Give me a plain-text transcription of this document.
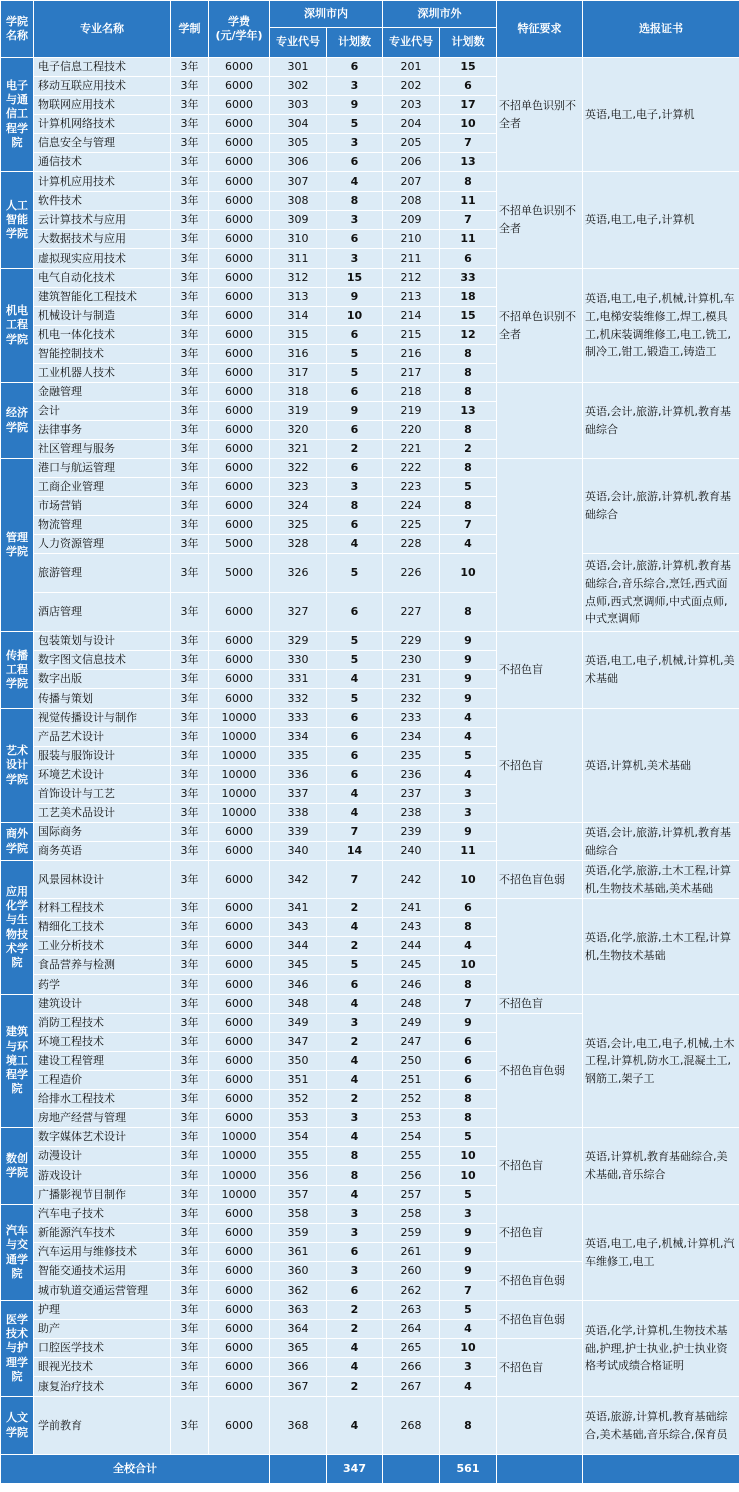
学院名称	专业名称	学制	学费
(元/学年)	深圳市内		深圳市外		特征要求	选报证书
				专业代号	计划数	专业代号	计划数		
电子与通信工程学院	电子信息工程技术	3年	6000	301	6	201	15	不招单色识别不全者	英语,电工,电子,计算机
	移动互联应用技术	3年	6000	302	3	202	6		
	物联网应用技术	3年	6000	303	9	203	17		
	计算机网络技术	3年	6000	304	5	204	10		
	信息安全与管理	3年	6000	305	3	205	7		
	通信技术	3年	6000	306	6	206	13		
人工智能学院	计算机应用技术	3年	6000	307	4	207	8	不招单色识别不全者	英语,电工,电子,计算机
	软件技术	3年	6000	308	8	208	11		
	云计算技术与应用	3年	6000	309	3	209	7		
	大数据技术与应用	3年	6000	310	6	210	11		
	虚拟现实应用技术	3年	6000	311	3	211	6		
机电工程学院	电气自动化技术	3年	6000	312	15	212	33	不招单色识别不全者	英语,电工,电子,机械,计算机,车工,电梯安装维修工,焊工,模具工,机床装调维修工,电工,铣工,制冷工,钳工,锻造工,铸造工
	建筑智能化工程技术	3年	6000	313	9	213	18		
	机械设计与制造	3年	6000	314	10	214	15		
	机电一体化技术	3年	6000	315	6	215	12		
	智能控制技术	3年	6000	316	5	216	8		
	工业机器人技术	3年	6000	317	5	217	8		
经济学院	金融管理	3年	6000	318	6	218	8		英语,会计,旅游,计算机,教育基础综合
	会计	3年	6000	319	9	219	13		
	法律事务	3年	6000	320	6	220	8		
	社区管理与服务	3年	6000	321	2	221	2		
管理学院	港口与航运管理	3年	6000	322	6	222	8		英语,会计,旅游,计算机,教育基础综合
	工商企业管理	3年	6000	323	3	223	5		
	市场营销	3年	6000	324	8	224	8		
	物流管理	3年	6000	325	6	225	7		
	人力资源管理	3年	5000	328	4	228	4		
	旅游管理	3年	5000	326	5	226	10		英语,会计,旅游,计算机,教育基础综合,音乐综合,烹饪,西式面点师,西式烹调师,中式面点师,中式烹调师
	酒店管理	3年	6000	327	6	227	8		
传播工程学院	包装策划与设计	3年	6000	329	5	229	9	不招色盲	英语,电工,电子,机械,计算机,美术基础
	数字图文信息技术	3年	6000	330	5	230	9		
	数字出版	3年	6000	331	4	231	9		
	传播与策划	3年	6000	332	5	232	9		
艺术设计学院	视觉传播设计与制作	3年	10000	333	6	233	4	不招色盲	英语,计算机,美术基础
	产品艺术设计	3年	10000	334	6	234	4		
	服装与服饰设计	3年	10000	335	6	235	5		
	环境艺术设计	3年	10000	336	6	236	4		
	首饰设计与工艺	3年	10000	337	4	237	3		
	工艺美术品设计	3年	10000	338	4	238	3		
商外学院	国际商务	3年	6000	339	7	239	9		英语,会计,旅游,计算机,教育基础综合
	商务英语	3年	6000	340	14	240	11		
应用化学与生物技术学院	风景园林设计	3年	6000	342	7	242	10	不招色盲色弱	英语,化学,旅游,土木工程,计算机,生物技术基础,美术基础
	材料工程技术	3年	6000	341	2	241	6		英语,化学,旅游,土木工程,计算机,生物技术基础
	精细化工技术	3年	6000	343	4	243	8		
	工业分析技术	3年	6000	344	2	244	4		
	食品营养与检测	3年	6000	345	5	245	10		
	药学	3年	6000	346	6	246	8		
建筑与环境工程学院	建筑设计	3年	6000	348	4	248	7	不招色盲	英语,会计,电工,电子,机械,土木工程,计算机,防水工,混凝土工,钢筋工,架子工
	消防工程技术	3年	6000	349	3	249	9	不招色盲色弱	
	环境工程技术	3年	6000	347	2	247	6		
	建设工程管理	3年	6000	350	4	250	6		
	工程造价	3年	6000	351	4	251	6		
	给排水工程技术	3年	6000	352	2	252	8		
	房地产经营与管理	3年	6000	353	3	253	8		
数创学院	数字媒体艺术设计	3年	10000	354	4	254	5	不招色盲	英语,计算机,教育基础综合,美术基础,音乐综合
	动漫设计	3年	10000	355	8	255	10		
	游戏设计	3年	10000	356	8	256	10		
	广播影视节目制作	3年	10000	357	4	257	5		
汽车与交通学院	汽车电子技术	3年	6000	358	3	258	3	不招色盲	英语,电工,电子,机械,计算机,汽车维修工,电工
	新能源汽车技术	3年	6000	359	3	259	9		
	汽车运用与维修技术	3年	6000	361	6	261	9		
	智能交通技术运用	3年	6000	360	3	260	9	不招色盲色弱	
	城市轨道交通运营管理	3年	6000	362	6	262	7		
医学技术与护理学院	护理	3年	6000	363	2	263	5	不招色盲色弱	英语,化学,计算机,生物技术基础,护理,护士执业,护士执业资格考试成绩合格证明
	助产	3年	6000	364	2	264	4		
	口腔医学技术	3年	6000	365	4	265	10	不招色盲	
	眼视光技术	3年	6000	366	4	266	3		
	康复治疗技术	3年	6000	367	2	267	4		
人文学院	学前教育	3年	6000	368	4	268	8		英语,旅游,计算机,教育基础综合,美术基础,音乐综合,保育员
全校合计					347		561		
